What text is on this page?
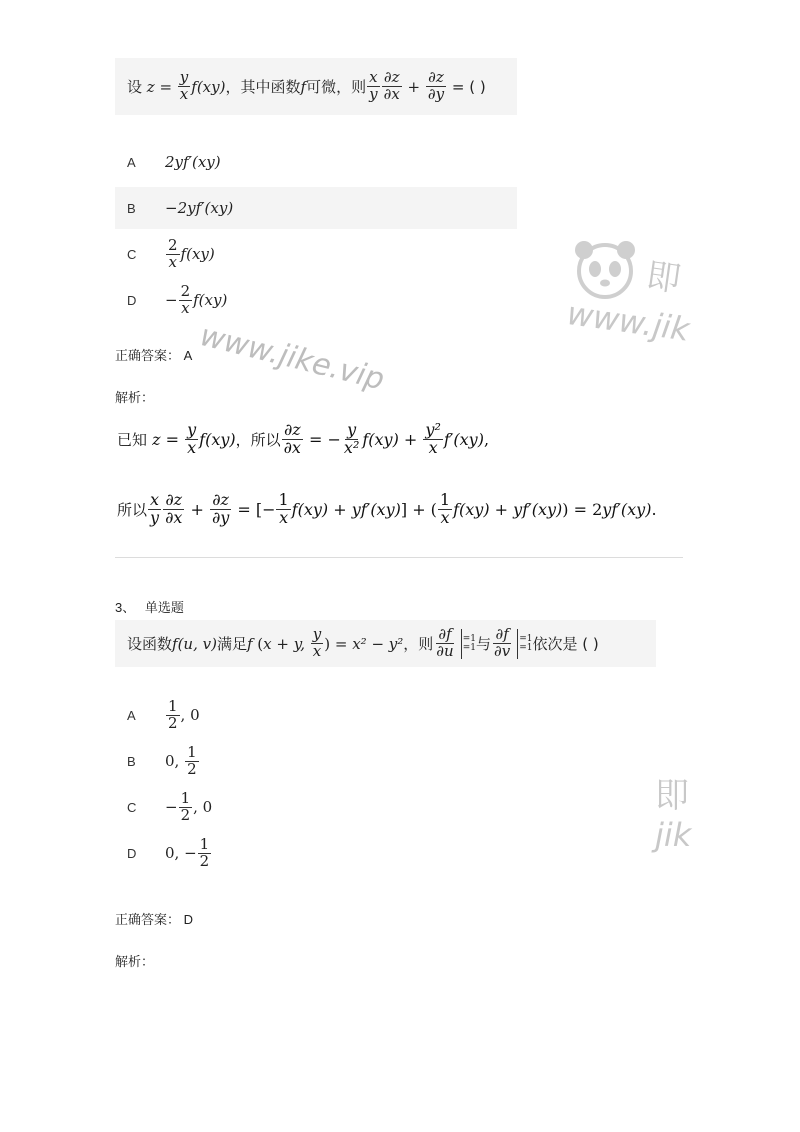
设 $z = \frac{y}{x} f(xy)$ ，其中函数 f 可微，则 $\frac{x}{y} \frac{\partial z}{\partial x} + \frac{\partial z}{\partial y}$
= ( )
A	2yf′(xy)
B	−2yf′(xy)
C	$\frac{2}{x} f(xy)$
D	− $\frac{2}{x} f(xy)$
正确答案： A
解析：
已知 $z = \frac{y}{x} f(xy)$ ，所以 $\frac{\partial z}{\partial x}$ = − $\frac{y}{\text{x²}} f(xy) + \frac{\text{y²}}{x} f'(xy)$ ,
所以 $\frac{x}{y} \frac{\partial z}{\partial x} + \frac{\partial z}{\partial y}$ = [− $\frac{1}{x} f(xy) + yf'(xy)$ ] + ( $\frac{1}{x} f(xy) + yf'(xy)$ ) = 2 yf′(xy) .
3、 单选题
设函数 f(u, v) 满足 f ( x + y, $\frac{y}{x}$ ) = x² − y² ，则 $\frac{\partial f}{\partial u} =1$
=1 与 $\frac{\partial f}{\partial v} =1$
=1 依次是 ( )
A	$\frac{1}{2}$ , 0
B	0, $\frac{1}{2}$
C	− $\frac{1}{2}$ , 0
D	0, − $\frac{1}{2}$
正确答案： D
解析：
www.jike.vip
即
www.jik
即
jik
